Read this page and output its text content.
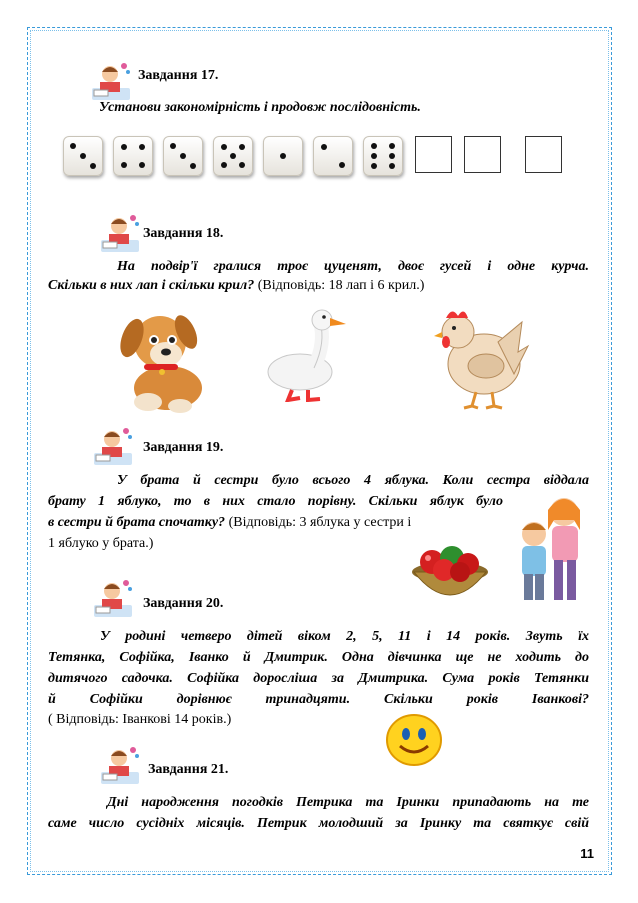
Завдання 17.
Установи закономірність і продовж послідовність.
Завдання 18.
На подвір'ї гралися троє цуценят, двоє гусей і одне курча.
Скільки в них лап і скільки крил? (Відповідь: 18 лап і 6 крил.)
Завдання 19.
У брата й сестри було всього 4 яблука. Коли сестра віддала
брату 1 яблуко, то в них стало порівну. Скільки яблук було
в сестри й брата спочатку? (Відповідь: 3 яблука у сестри і
1 яблуко у брата.)
Завдання 20.
У родині четверо дітей віком 2, 5, 11 і 14 років. Звуть їх
Тетянка, Софійка, Іванко й Дмитрик. Одна дівчинка ще не ходить до
дитячого садочка. Софійка доросліша за Дмитрика. Сума років Тетянки
й Софійки дорівнює тринадцяти. Скільки років Іванкові?
( Відповідь: Іванкові 14 років.)
Завдання 21.
Дні народження погодків Петрика та Іринки припадають на те
саме число сусідніх місяців. Петрик молодший за Іринку та святкує свій
11
